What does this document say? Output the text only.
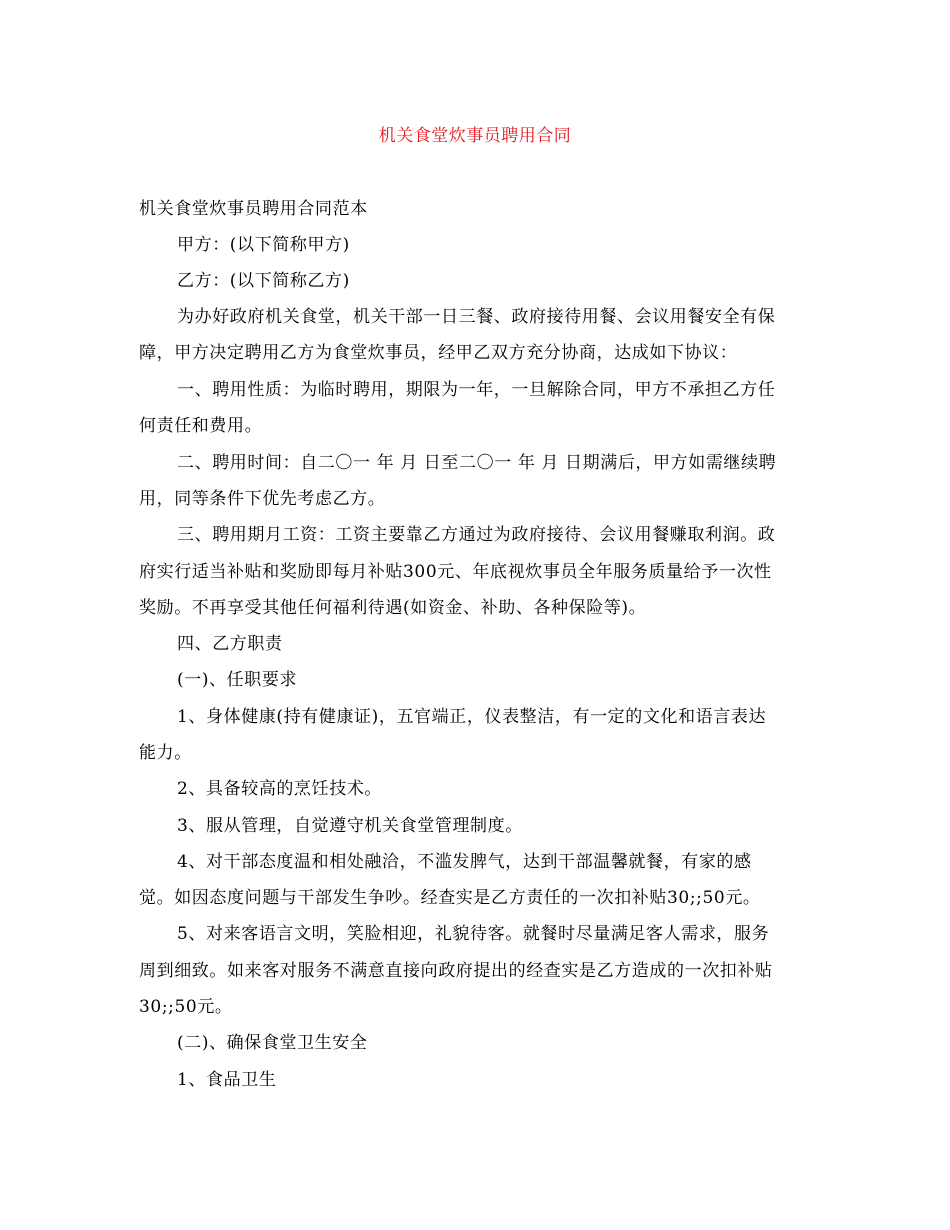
机关食堂炊事员聘用合同
机关食堂炊事员聘用合同范本
甲方：(以下简称甲方)
乙方：(以下简称乙方)
为办好政府机关食堂，机关干部一日三餐、政府接待用餐、会议用餐安全有保
障，甲方决定聘用乙方为食堂炊事员，经甲乙双方充分协商，达成如下协议：
一、聘用性质：为临时聘用，期限为一年，一旦解除合同，甲方不承担乙方任
何责任和费用。
二、聘用时间：自二〇一 年 月 日至二〇一 年 月 日期满后，甲方如需继续聘
用，同等条件下优先考虑乙方。
三、聘用期月工资：工资主要靠乙方通过为政府接待、会议用餐赚取利润。政
府实行适当补贴和奖励即每月补贴300元、年底视炊事员全年服务质量给予一次性
奖励。不再享受其他任何福利待遇(如资金、补助、各种保险等)。
四、乙方职责
(一)、任职要求
1、身体健康(持有健康证)，五官端正，仪表整洁，有一定的文化和语言表达
能力。
2、具备较高的烹饪技术。
3、服从管理，自觉遵守机关食堂管理制度。
4、对干部态度温和相处融洽，不滥发脾气，达到干部温馨就餐，有家的感
觉。如因态度问题与干部发生争吵。经查实是乙方责任的一次扣补贴30;;50元。
5、对来客语言文明，笑脸相迎，礼貌待客。就餐时尽量满足客人需求，服务
周到细致。如来客对服务不满意直接向政府提出的经查实是乙方造成的一次扣补贴
30;;50元。
(二)、确保食堂卫生安全
1、食品卫生
